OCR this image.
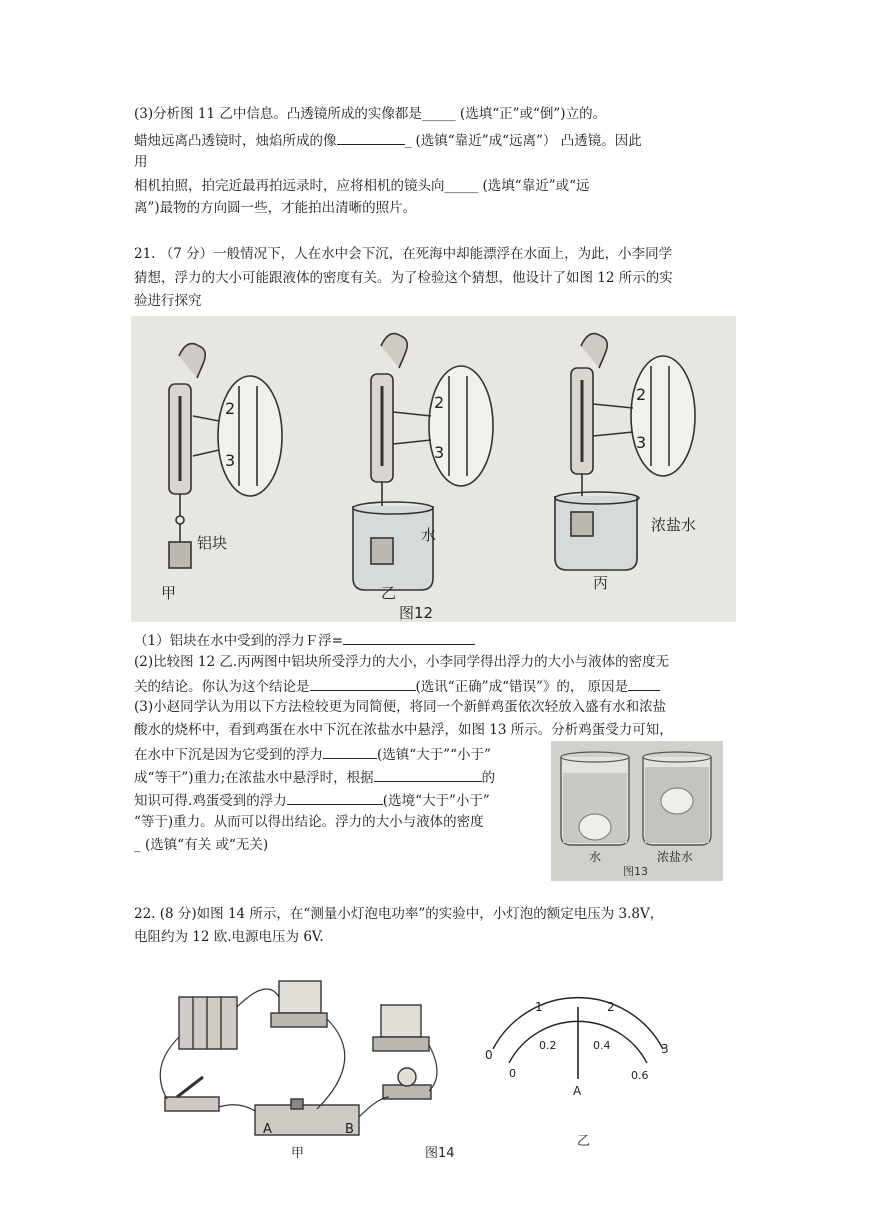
(3)分析图 11 乙中信息。凸透镜所成的实像都是_____ (选填“正”或“倒”)立的。
蜡烛远离凸透镜时，烛焰所成的像	_ (选镇“靠近”成“远离”） 凸透镜。因此
用
相机拍照，拍完近最再拍远录时，应将相机的镜头向_____ (选填“靠近”或“远
离”)最物的方向圆一些，才能拍出清晰的照片。
21. （7 分）一般情况下，人在水中会下沉，在死海中却能漂浮在水面上，为此，小李同学
猜想，浮力的大小可能跟液体的密度有关。为了检验这个猜想，他设计了如图 12 所示的实
验进行探究
2
3
2
3
2
3
铝块	水
浓盐水
甲	乙
丙
图12
（1）铝块在水中受到的浮力Ｆ浮=
(2)比较图 12 乙.丙两图中铝块所受浮力的大小，小李同学得出浮力的大小与液体的密度无
关的结论。你认为这个结论是	(选讯“正确”成“错误”》的， 原因是
(3)小赵同学认为用以下方法检较更为同简便，将同一个新鲜鸡蛋依次轻放入盛有水和浓盐
酸水的烧杯中，看到鸡蛋在水中下沉在浓盐水中悬浮，如图 13 所示。分析鸡蛋受力可知，
在水中下沉是因为它受到的浮力	(选镇“大于”“小于”
成“等干”)重力;在浓盐水中悬浮时，根据	的
知识可得.鸡蛋受到的浮力	(选境“大于”小于”
“等于)重力。从而可以得出结论。浮力的大小与液体的密度
_ (选镇“有关 或“无关)
水	浓盐水
图13
22. (8 分)如图 14 所示，在“测量小灯泡电功率”的实验中，小灯泡的额定电压为 3.8V，
电阻约为 12 欧.电源电压为 6V.
A	B
甲	图14
0
1	2
3
0
0.2	0.4
0.6
A
乙
